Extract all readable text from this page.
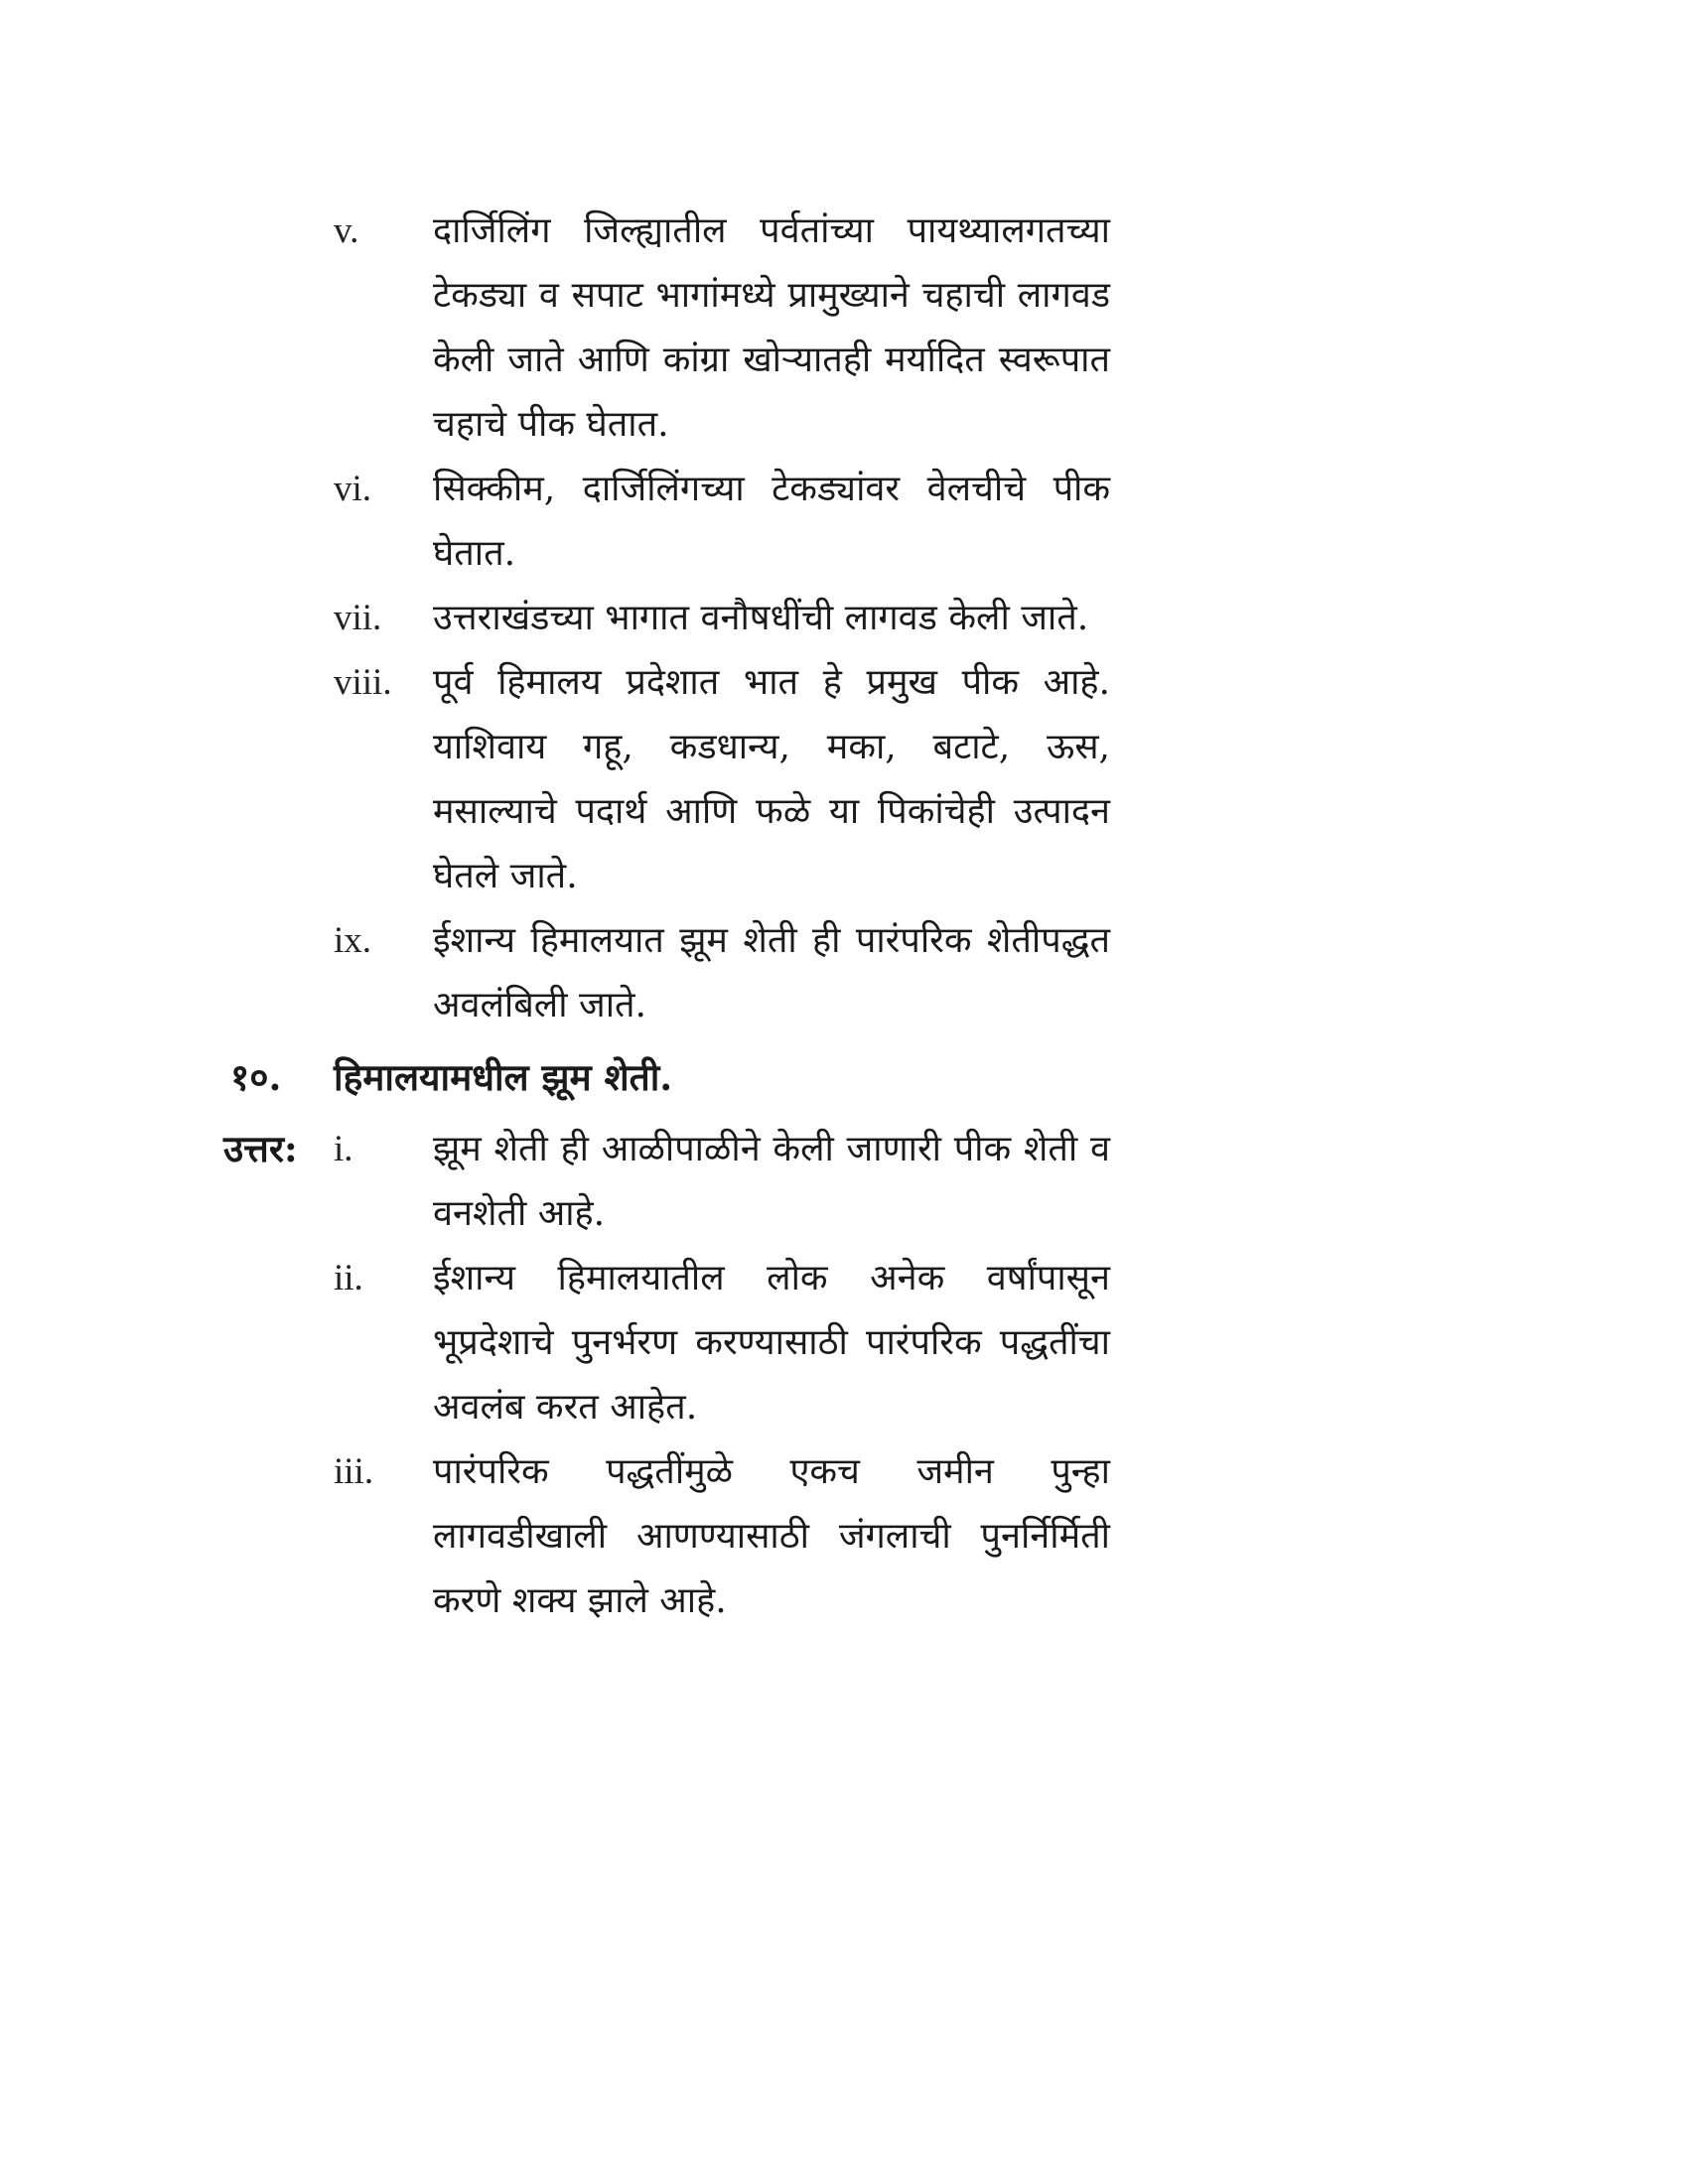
v. दार्जिलिंग जिल्ह्यातील पर्वतांच्या पायथ्यालगतच्या टेकड्या व सपाट भागांमध्ये प्रामुख्याने चहाची लागवड केली जाते आणि कांग्रा खोऱ्यातही मर्यादित स्वरूपात चहाचे पीक घेतात.
vi. सिक्कीम, दार्जिलिंगच्या टेकड्यांवर वेलचीचे पीक घेतात.
vii. उत्तराखंडच्या भागात वनौषधींची लागवड केली जाते.
viii. पूर्व हिमालय प्रदेशात भात हे प्रमुख पीक आहे. याशिवाय गहू, कडधान्य, मका, बटाटे, ऊस, मसाल्याचे पदार्थ आणि फळे या पिकांचेही उत्पादन घेतले जाते.
ix. ईशान्य हिमालयात झूम शेती ही पारंपरिक शेतीपद्धत अवलंबिली जाते.
१०. हिमालयामधील झूम शेती.
उत्तर: i. झूम शेती ही आळीपाळीने केली जाणारी पीक शेती व वनशेती आहे.
ii. ईशान्य हिमालयातील लोक अनेक वर्षांपासून भूप्रदेशाचे पुनर्भरण करण्यासाठी पारंपरिक पद्धतींचा अवलंब करत आहेत.
iii. पारंपरिक पद्धतींमुळे एकच जमीन पुन्हा लागवडीखाली आणण्यासाठी जंगलाची पुनर्निर्मिती करणे शक्य झाले आहे.
